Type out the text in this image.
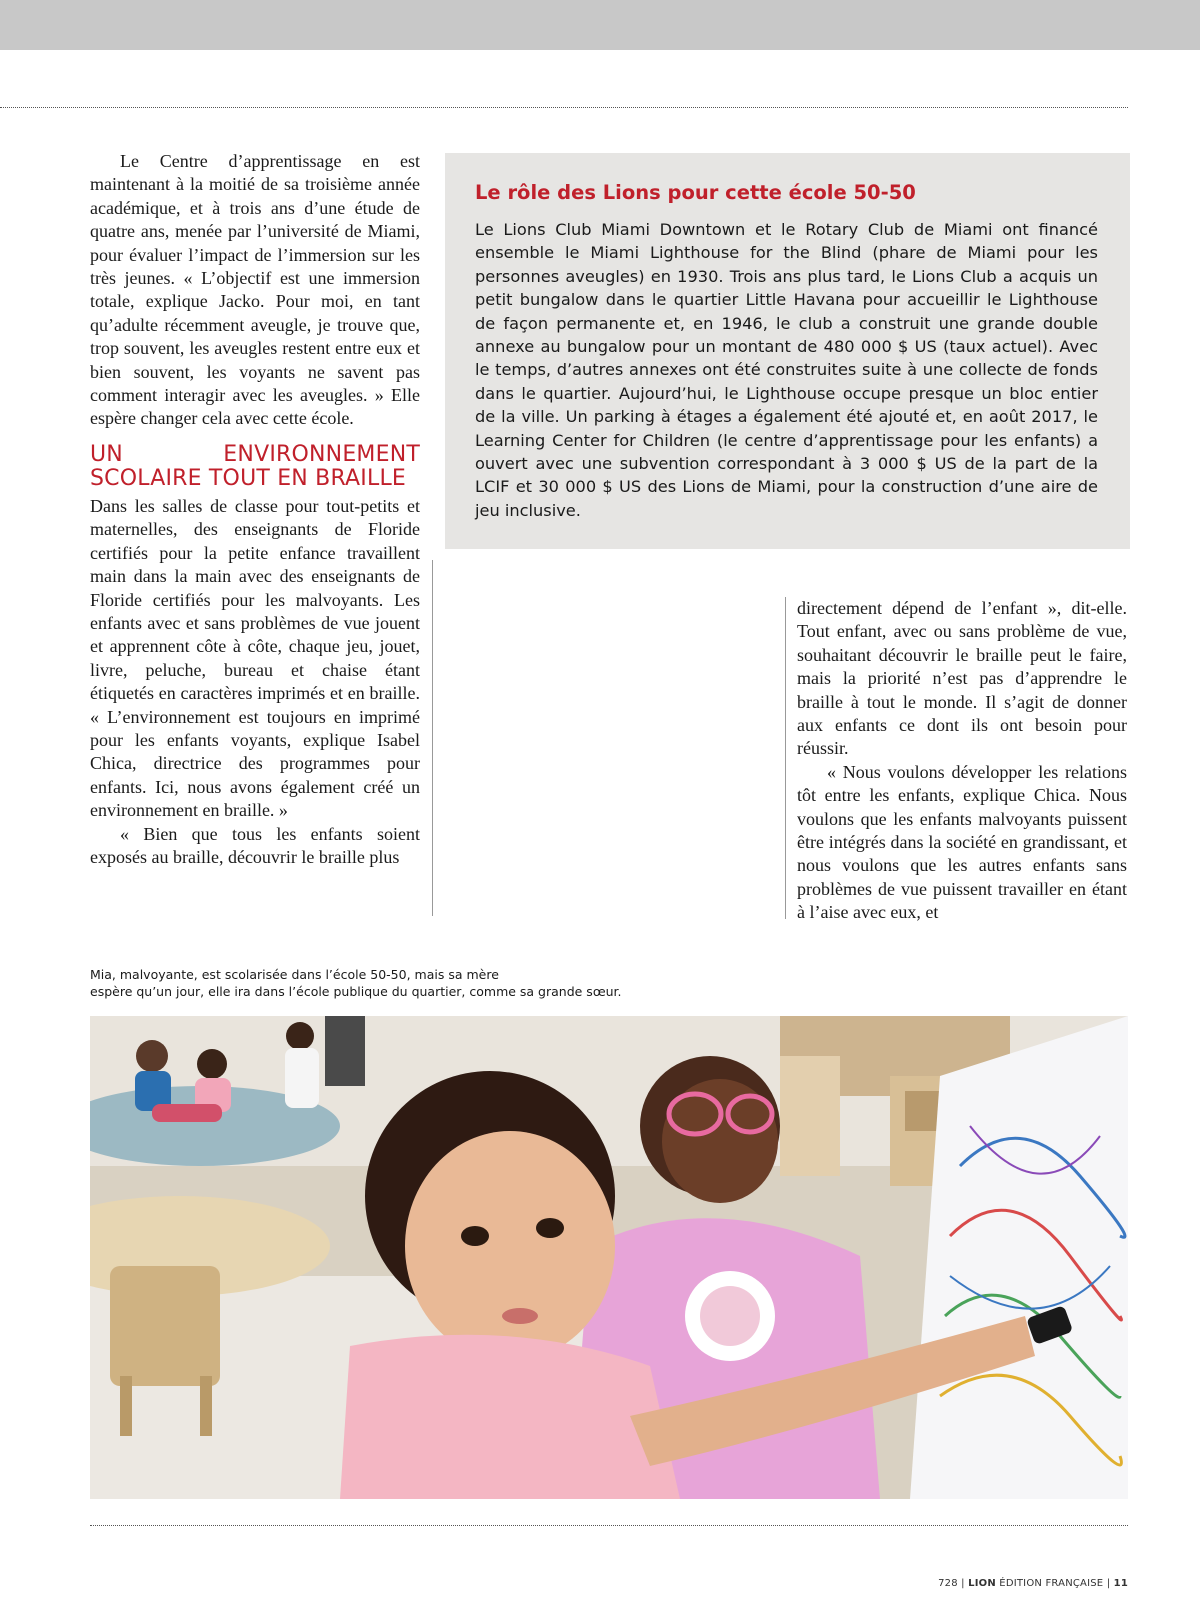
Le Centre d’apprentissage en est maintenant à la moitié de sa troisième année académique, et à trois ans d’une étude de quatre ans, menée par l’université de Miami, pour évaluer l’impact de l’immersion sur les très jeunes. « L’objectif est une immersion totale, explique Jacko. Pour moi, en tant qu’adulte récemment aveugle, je trouve que, trop souvent, les aveugles restent entre eux et bien souvent, les voyants ne savent pas comment interagir avec les aveugles. » Elle espère changer cela avec cette école.

UN ENVIRONNEMENT SCOLAIRE TOUT EN BRAILLE

Dans les salles de classe pour tout-petits et maternelles, des enseignants de Floride certifiés pour la petite enfance travaillent main dans la main avec des enseignants de Floride certifiés pour les malvoyants. Les enfants avec et sans problèmes de vue jouent et apprennent côte à côte, chaque jeu, jouet, livre, peluche, bureau et chaise étant étiquetés en caractères imprimés et en braille. « L’environnement est toujours en imprimé pour les enfants voyants, explique Isabel Chica, directrice des programmes pour enfants. Ici, nous avons également créé un environnement en braille. »

« Bien que tous les enfants soient exposés au braille, découvrir le braille plus

Le rôle des Lions pour cette école 50-50

Le Lions Club Miami Downtown et le Rotary Club de Miami ont financé ensemble le Miami Lighthouse for the Blind (phare de Miami pour les personnes aveugles) en 1930. Trois ans plus tard, le Lions Club a acquis un petit bungalow dans le quartier Little Havana pour accueillir le Lighthouse de façon permanente et, en 1946, le club a construit une grande double annexe au bungalow pour un montant de 480 000 $ US (taux actuel). Avec le temps, d’autres annexes ont été construites suite à une collecte de fonds dans le quartier. Aujourd’hui, le Lighthouse occupe presque un bloc entier de la ville. Un parking à étages a également été ajouté et, en août 2017, le Learning Center for Children (le centre d’apprentissage pour les enfants) a ouvert avec une subvention correspondant à 3 000 $ US de la part de la LCIF et 30 000 $ US des Lions de Miami, pour la construction d’une aire de jeu inclusive.

directement dépend de l’enfant », dit-elle. Tout enfant, avec ou sans problème de vue, souhaitant découvrir le braille peut le faire, mais la priorité n’est pas d’apprendre le braille à tout le monde. Il s’agit de donner aux enfants ce dont ils ont besoin pour réussir.

« Nous voulons développer les relations tôt entre les enfants, explique Chica. Nous voulons que les enfants malvoyants puissent être intégrés dans la société en grandissant, et nous voulons que les autres enfants sans problèmes de vue puissent travailler en étant à l’aise avec eux, et

Mia, malvoyante, est scolarisée dans l’école 50-50, mais sa mère
espère qu’un jour, elle ira dans l’école publique du quartier, comme sa grande sœur.
728 | LION ÉDITION FRANÇAISE | 11
